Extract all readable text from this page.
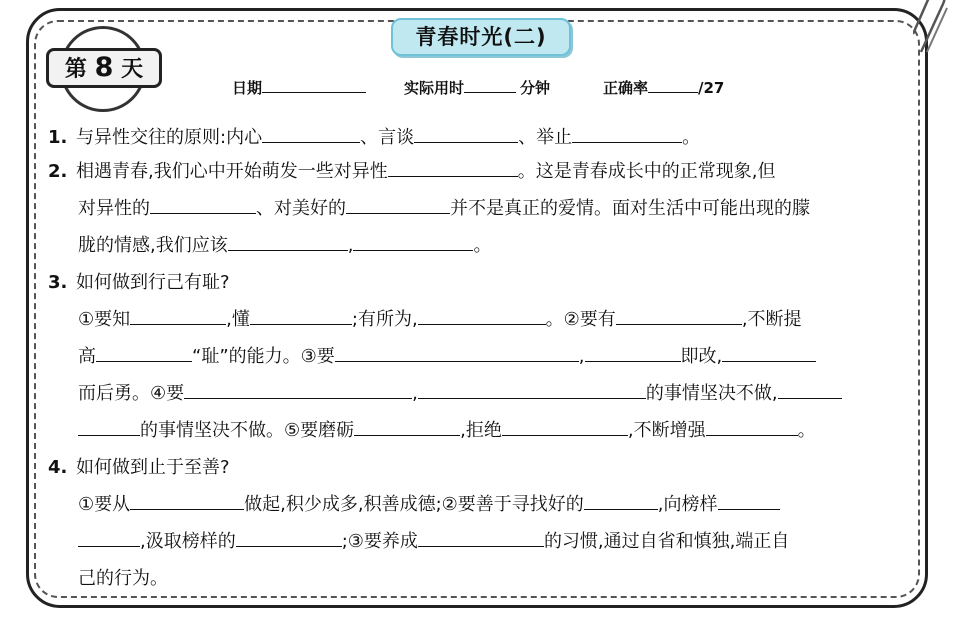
青春时光(二)
第 8 天
日期	实际用时	分钟	正确率	/27
1. 与异性交往的原则:内心	、言谈	、举止	。
2. 相遇青春,我们心中开始萌发一些对异性	。这是青春成长中的正常现象,但
对异性的	、对美好的	并不是真正的爱情。面对生活中可能出现的朦
胧的情感,我们应该	,	。
3. 如何做到行己有耻?
①要知	,懂	;有所为,	。②要有	,不断提
高	“耻”的能力。③要	,	即改,
而后勇。④要	,	的事情坚决不做,
的事情坚决不做。⑤要磨砺	,拒绝	,不断增强	。
4. 如何做到止于至善?
①要从	做起,积少成多,积善成德;②要善于寻找好的	,向榜样
,汲取榜样的	;③要养成	的习惯,通过自省和慎独,端正自
己的行为。
